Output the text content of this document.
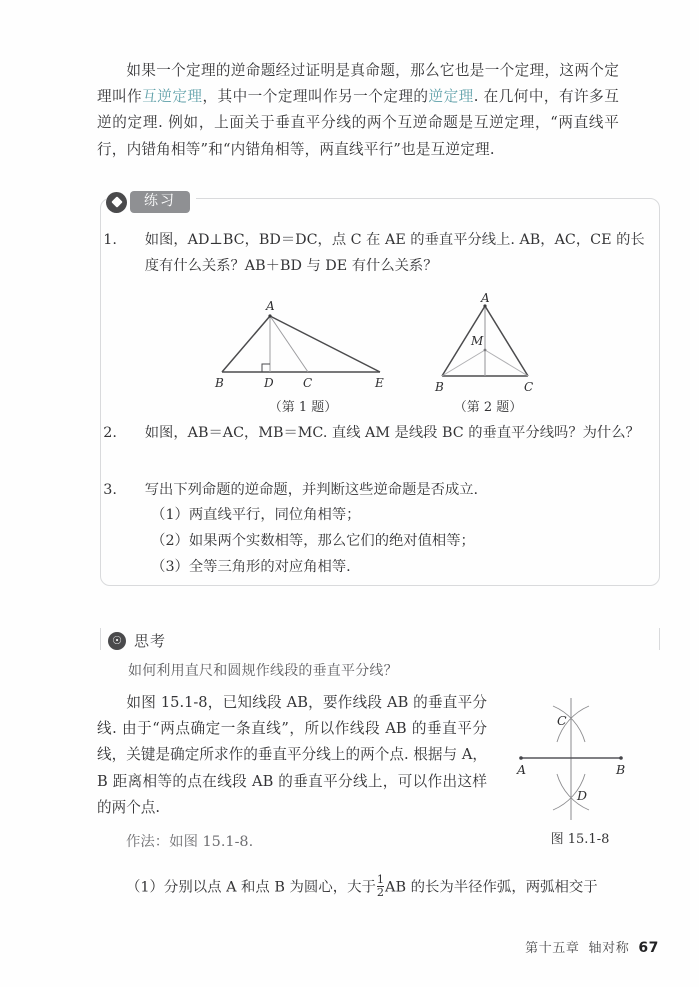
如果一个定理的逆命题经过证明是真命题，那么它也是一个定理，这两个定理叫作互逆定理，其中一个定理叫作另一个定理的逆定理. 在几何中，有许多互逆的定理. 例如，上面关于垂直平分线的两个互逆命题是互逆定理，“两直线平行，内错角相等”和“内错角相等，两直线平行”也是互逆定理.
练习
1. 如图，AD⊥BC，BD＝DC，点 C 在 AE 的垂直平分线上. AB，AC，CE 的长度有什么关系？AB＋BD 与 DE 有什么关系？
A
B	D C	E
（第 1 题）
A
M
B	C
（第 2 题）
2. 如图，AB＝AC，MB＝MC. 直线 AM 是线段 BC 的垂直平分线吗？为什么？
3. 写出下列命题的逆命题，并判断这些逆命题是否成立.
（1）两直线平行，同位角相等；
（2）如果两个实数相等，那么它们的绝对值相等；
（3）全等三角形的对应角相等.
☉ 思考
如何利用直尺和圆规作线段的垂直平分线？
如图 15.1-8，已知线段 AB，要作线段 AB 的垂直平分线. 由于“两点确定一条直线”，所以作线段 AB 的垂直平分线，关键是确定所求作的垂直平分线上的两个点. 根据与 A，B 距离相等的点在线段 AB 的垂直平分线上，可以作出这样的两个点.
作法：如图 15.1-8.
（1）分别以点 A 和点 B 为圆心，大于 $\frac{1}{2}$ AB 的长为半径作弧，两弧相交于
A	B
C
D
图 15.1-8
第十五章 轴对称 67
